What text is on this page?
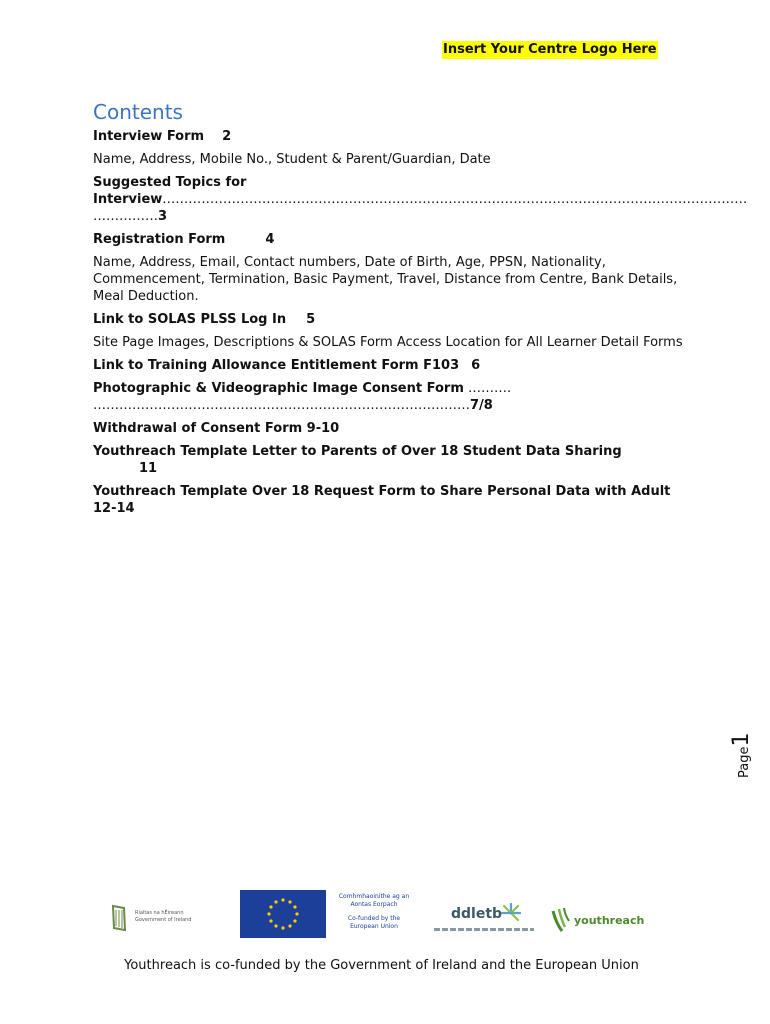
Insert Your Centre Logo Here
Contents
Interview Form 2
Name, Address, Mobile No., Student & Parent/Guardian, Date
Suggested Topics for
Interview………………………………………………………………………………………………………………………
……………3
Registration Form	4
Name, Address, Email, Contact numbers, Date of Birth, Age, PPSN, Nationality, Commencement, Termination, Basic Payment, Travel, Distance from Centre, Bank Details, Meal Deduction.
Link to SOLAS PLSS Log In 5
Site Page Images, Descriptions & SOLAS Form Access Location for All Learner Detail Forms
Link to Training Allowance Entitlement Form F103 6
Photographic & Videographic Image Consent Form ……….
……………………………………………………………………………7/8
Withdrawal of Consent Form 9-10
Youthreach Template Letter to Parents of Over 18 Student Data Sharing
11
Youthreach Template Over 18 Request Form to Share Personal Data with Adult12-14
Page1
Rialtas na hÉireann
Government of Ireland
Comhmhaoinithe ag an
Aontas Eorpach
Co-funded by the
European Union
ddletb	youthreach
Youthreach is co-funded by the Government of Ireland and the European Union
